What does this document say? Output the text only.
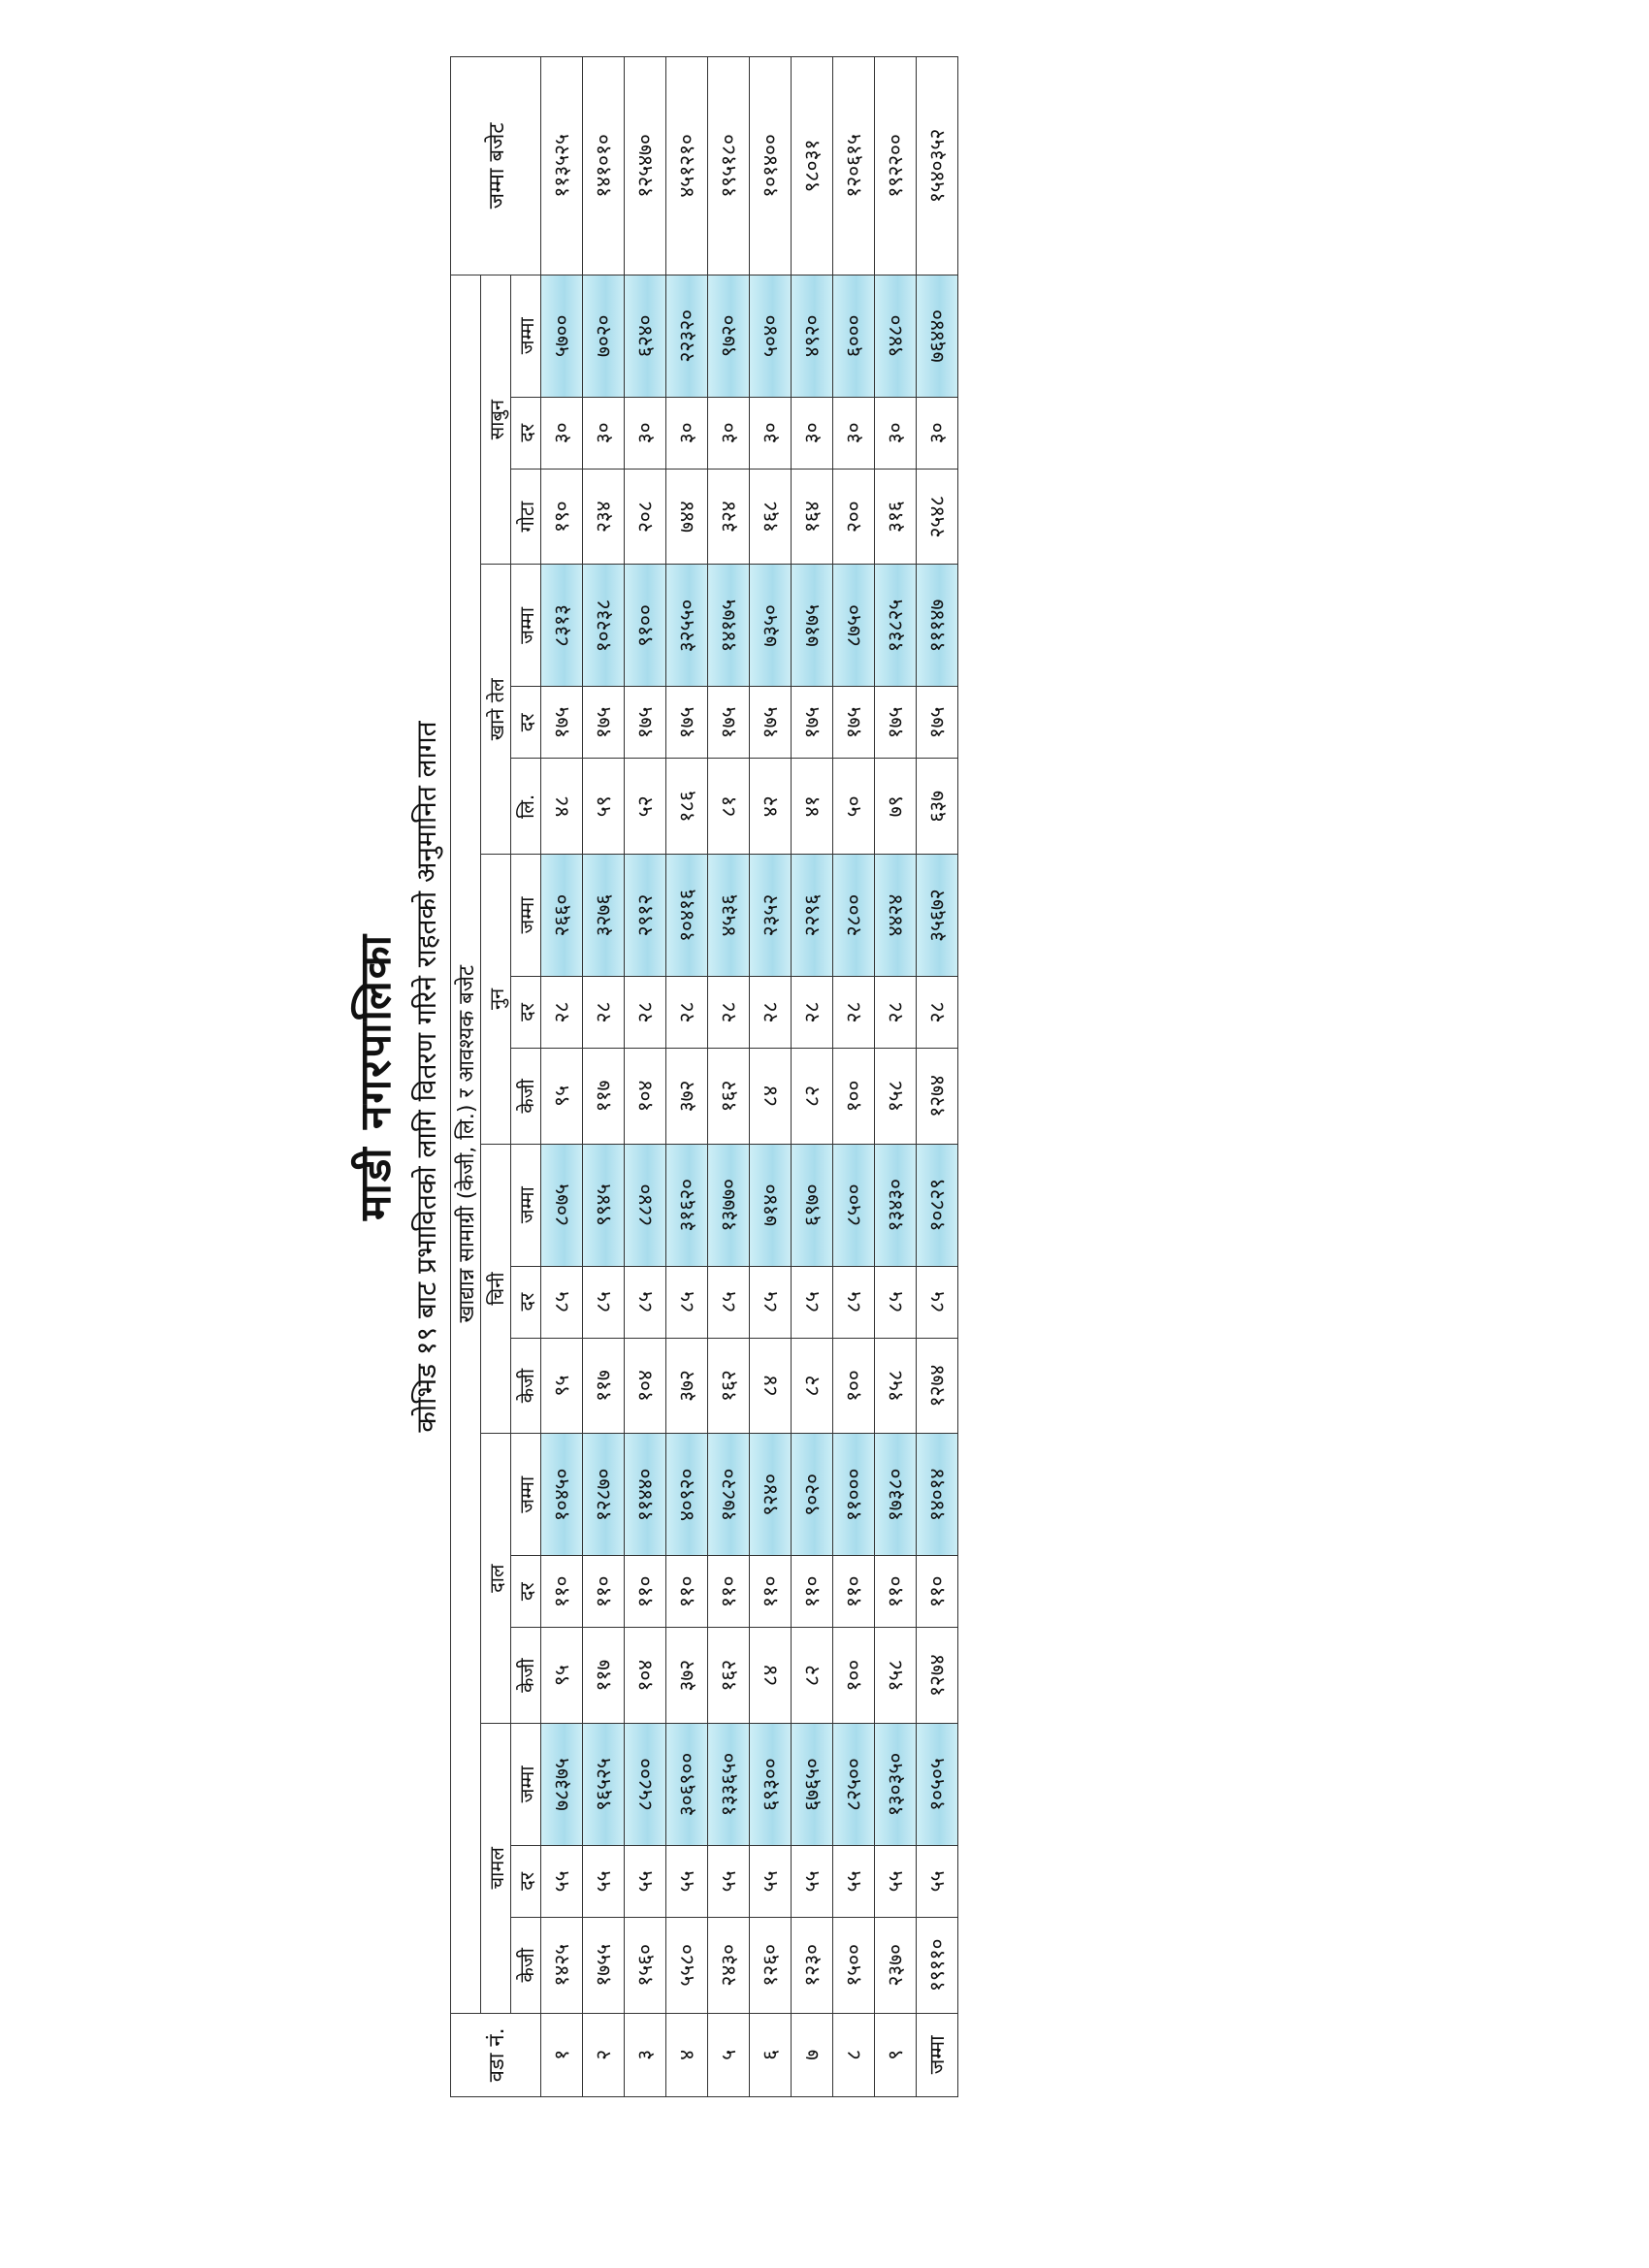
माडी नगरपालिका कोभिड १९ बाट प्रभावितको लागि वितरण गरिने राहतको अनुमानित लागत
वडा नं.	खाद्यान्न सामाग्री (केजी, लि.) र आवश्यक बजेट																		जम्मा बजेट
	चामल			दाल			चिनी			नुन			खाने तेल			साबुन			
	केजी	दर	जम्मा	केजी	दर	जम्मा	केजी	दर	जम्मा	केजी	दर	जम्मा	लि.	दर	जम्मा	गोटा	दर	जम्मा	
१	१४२५	५५	७८३७५	९५	११०	१०४५०	९५	८५	८०७५	९५	२८	२६६०	४८	१७५	८३१३	१९०	३०	५७००	११३५२५
२	१७५५	५५	९६५२५	११७	११०	१२८७०	११७	८५	९९४५	११७	२८	३२७६	५९	१७५	१०२३८	२३४	३०	७०२०	१४१०१०
३	१५६०	५५	८५८००	१०४	११०	११४४०	१०४	८५	८८४०	१०४	२८	२९१२	५२	१७५	९१००	२०८	३०	६२४०	१२५४७०
४	५५८०	५५	३०६९००	३७२	११०	४०९२०	३७२	८५	३१६२०	३७२	२८	१०४१६	१८६	१७५	३२५५०	७४४	३०	२२३२०	४५१२१०
५	२४३०	५५	१३३६५०	१६२	११०	१७८२०	१६२	८५	१३७७०	१६२	२८	४५३६	८१	१७५	१४१७५	३२४	३०	९७२०	१९५१८०
६	१२६०	५५	६९३००	८४	११०	९२४०	८४	८५	७१४०	८४	२८	२३५२	४२	१७५	७३५०	१६८	३०	५०४०	१०१४००
७	१२३०	५५	६७६५०	८२	११०	९०२०	८२	८५	६९७०	८२	२८	२२९६	४१	१७५	७१७५	१६४	३०	४९२०	९८०३१
८	१५००	५५	८२५००	१००	११०	११०००	१००	८५	८५००	१००	२८	२८००	५०	१७५	८७५०	२००	३०	६०००	१२०६१५
९	२३७०	५५	१३०३५०	१५८	११०	१७३८०	१५८	८५	१३४३०	१५८	२८	४४२४	७९	१७५	१३८२५	३१६	३०	९४८०	१९२२००
जम्मा	१९११०	५५	१०५०५	१२७४	११०	१४०१४	१२७४	८५	१०८२९	१२७४	२८	३५६७२	६३७	१७५	१११४७	२५४८	३०	७६४४०	१५४०३५२
